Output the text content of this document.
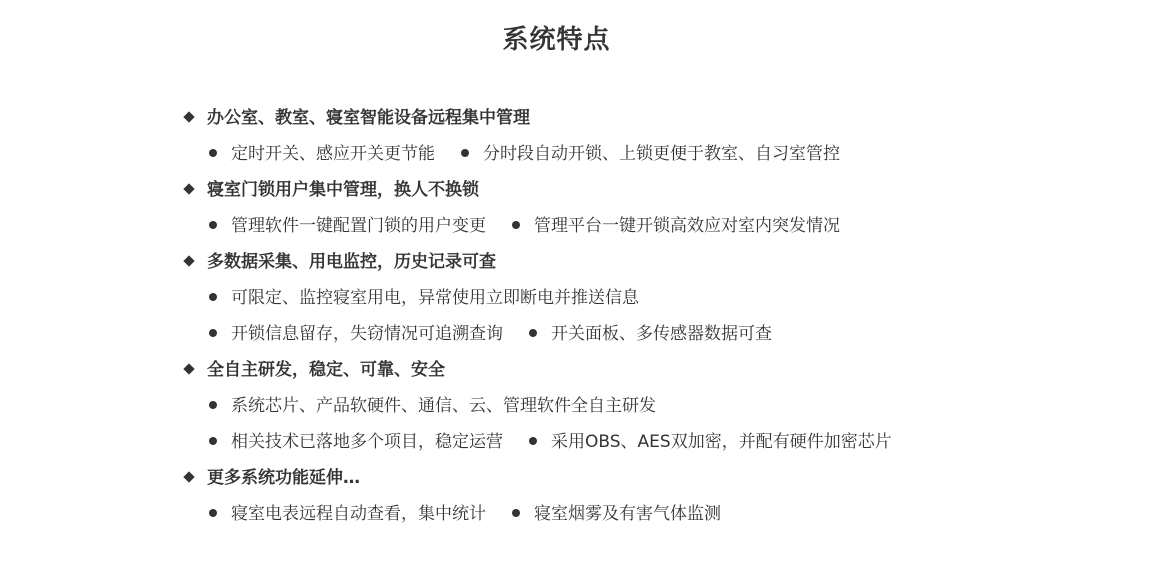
系统特点
办公室、教室、寝室智能设备远程集中管理
定时开关、感应开关更节能	分时段自动开锁、上锁更便于教室、自习室管控
寝室门锁用户集中管理，换人不换锁
管理软件一键配置门锁的用户变更	管理平台一键开锁高效应对室内突发情况
多数据采集、用电监控，历史记录可查
可限定、监控寝室用电，异常使用立即断电并推送信息
开锁信息留存，失窃情况可追溯查询	开关面板、多传感器数据可查
全自主研发，稳定、可靠、安全
系统芯片、产品软硬件、通信、云、管理软件全自主研发
相关技术已落地多个项目，稳定运营	采用OBS、AES双加密，并配有硬件加密芯片
更多系统功能延伸…
寝室电表远程自动查看，集中统计	寝室烟雾及有害气体监测
